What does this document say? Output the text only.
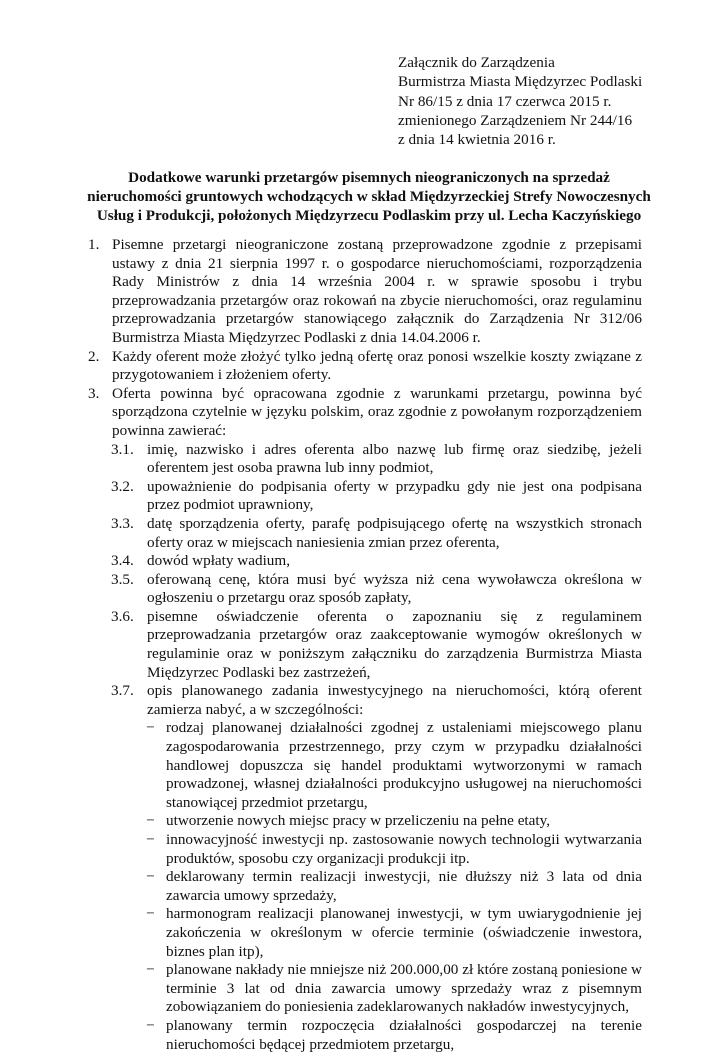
Załącznik do Zarządzenia
Burmistrza Miasta Międzyrzec Podlaski
Nr 86/15 z dnia 17 czerwca 2015 r.
zmienionego Zarządzeniem Nr 244/16
z dnia 14 kwietnia 2016 r.
Dodatkowe warunki przetargów pisemnych nieograniczonych na sprzedaż
nieruchomości gruntowych wchodzących w skład Międzyrzeckiej Strefy Nowoczesnych
Usług i Produkcji, położonych Międzyrzecu Podlaskim przy ul. Lecha Kaczyńskiego
1. Pisemne przetargi nieograniczone zostaną przeprowadzone zgodnie z przepisami ustawy z dnia 21 sierpnia 1997 r. o gospodarce nieruchomościami, rozporządzenia Rady Ministrów z dnia 14 września 2004 r. w sprawie sposobu i trybu przeprowadzania przetargów oraz rokowań na zbycie nieruchomości, oraz regulaminu przeprowadzania przetargów stanowiącego załącznik do Zarządzenia Nr 312/06 Burmistrza Miasta Międzyrzec Podlaski z dnia 14.04.2006 r.

2. Każdy oferent może złożyć tylko jedną ofertę oraz ponosi wszelkie koszty związane z przygotowaniem i złożeniem oferty.

3. Oferta powinna być opracowana zgodnie z warunkami przetargu, powinna być sporządzona czytelnie w języku polskim, oraz zgodnie z powołanym rozporządzeniem powinna zawierać:

3.1. imię, nazwisko i adres oferenta albo nazwę lub firmę oraz siedzibę, jeżeli oferentem jest osoba prawna lub inny podmiot,

3.2. upoważnienie do podpisania oferty w przypadku gdy nie jest ona podpisana przez podmiot uprawniony,

3.3. datę sporządzenia oferty, parafę podpisującego ofertę na wszystkich stronach oferty oraz w miejscach naniesienia zmian przez oferenta,

3.4. dowód wpłaty wadium,

3.5. oferowaną cenę, która musi być wyższa niż cena wywoławcza określona w ogłoszeniu o przetargu oraz sposób zapłaty,

3.6. pisemne oświadczenie oferenta o zapoznaniu się z regulaminem przeprowadzania przetargów oraz zaakceptowanie wymogów określonych w regulaminie oraz w poniższym załączniku do zarządzenia Burmistrza Miasta Międzyrzec Podlaski bez zastrzeżeń,

3.7. opis planowanego zadania inwestycyjnego na nieruchomości, którą oferent zamierza nabyć, a w szczególności:

− rodzaj planowanej działalności zgodnej z ustaleniami miejscowego planu zagospodarowania przestrzennego, przy czym w przypadku działalności handlowej dopuszcza się handel produktami wytworzonymi w ramach prowadzonej, własnej działalności produkcyjno usługowej na nieruchomości stanowiącej przedmiot przetargu,

− utworzenie nowych miejsc pracy w przeliczeniu na pełne etaty,

− innowacyjność inwestycji np. zastosowanie nowych technologii wytwarzania produktów, sposobu czy organizacji produkcji itp.

− deklarowany termin realizacji inwestycji, nie dłuższy niż 3 lata od dnia zawarcia umowy sprzedaży,

− harmonogram realizacji planowanej inwestycji, w tym uwiarygodnienie jej zakończenia w określonym w ofercie terminie (oświadczenie inwestora, biznes plan itp),

− planowane nakłady nie mniejsze niż 200.000,00 zł które zostaną poniesione w terminie 3 lat od dnia zawarcia umowy sprzedaży wraz z pisemnym zobowiązaniem do poniesienia zadeklarowanych nakładów inwestycyjnych,

− planowany termin rozpoczęcia działalności gospodarczej na terenie nieruchomości będącej przedmiotem przetargu,
